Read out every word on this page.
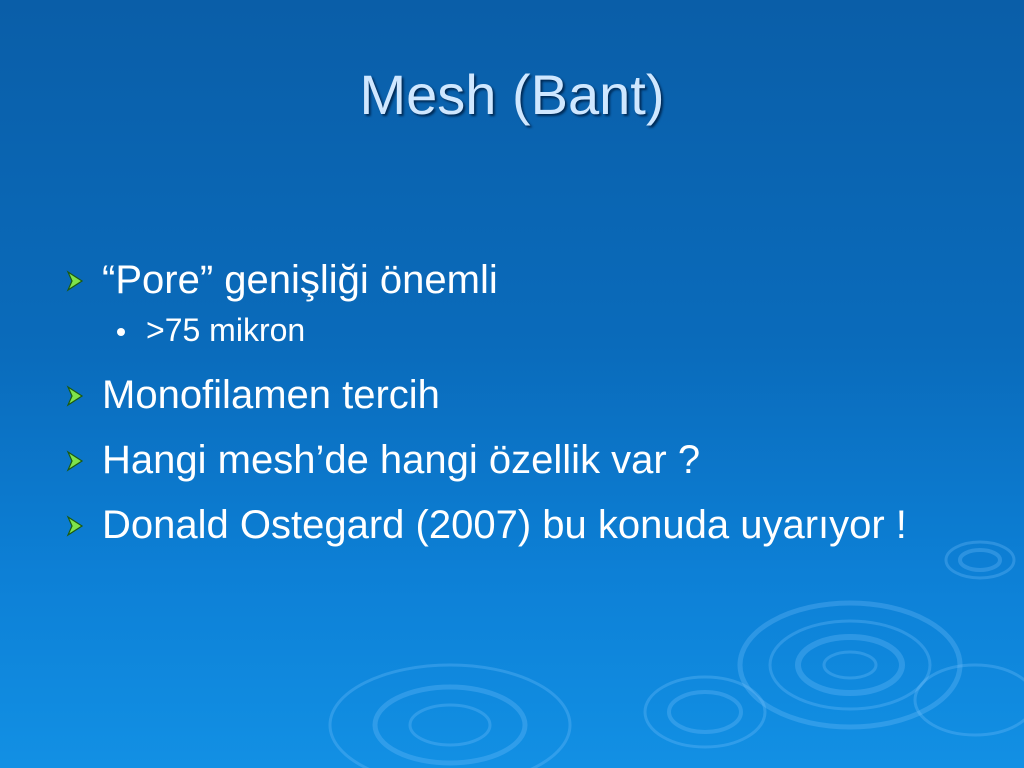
Mesh (Bant)
“Pore” genişliği önemli
>75 mikron
Monofilamen tercih
Hangi mesh’de hangi özellik var ?
Donald Ostegard (2007) bu konuda uyarıyor !
